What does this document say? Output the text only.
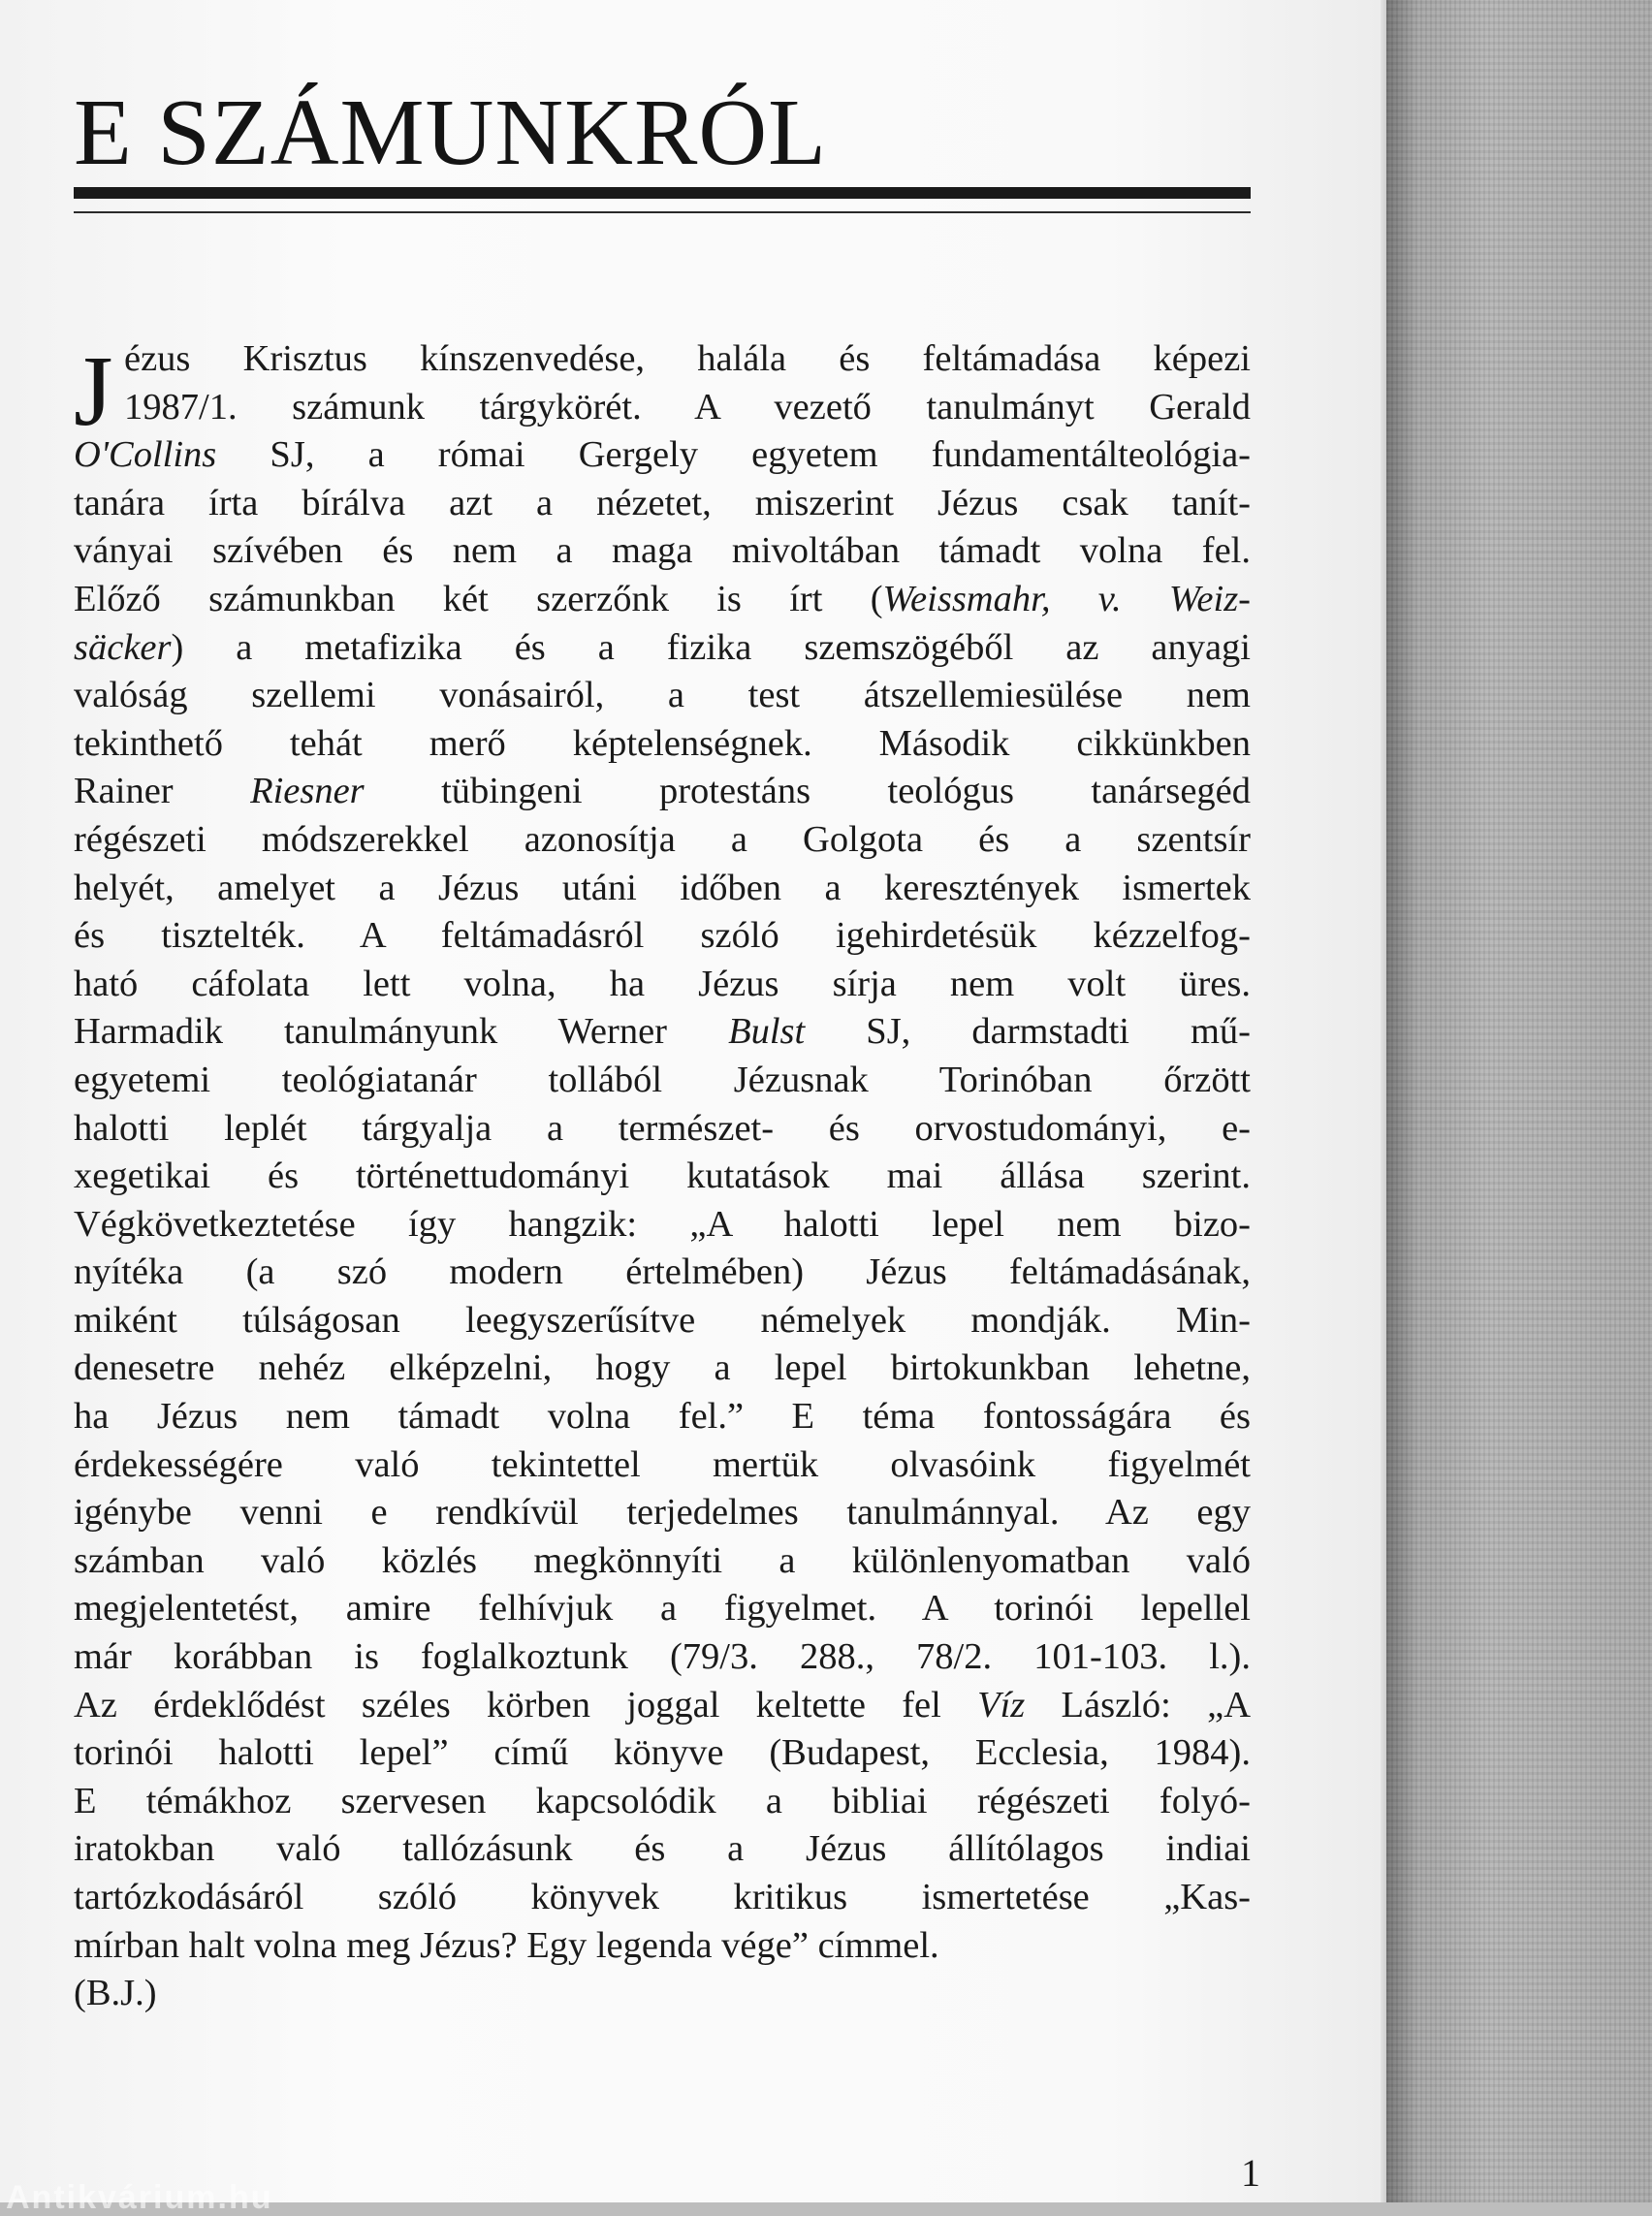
E SZÁMUNKRÓL
J ézus Krisztus kínszenvedése, halála és feltámadása képezi
1987/1. számunk tárgykörét. A vezető tanulmányt Gerald
O'Collins SJ, a római Gergely egyetem fundamentálteológia-
tanára írta bírálva azt a nézetet, miszerint Jézus csak tanít-
ványai szívében és nem a maga mivoltában támadt volna fel.
Előző számunkban két szerzőnk is írt (Weissmahr, v. Weiz-
säcker) a metafizika és a fizika szemszögéből az anyagi
valóság szellemi vonásairól, a test átszellemiesülése nem
tekinthető tehát merő képtelenségnek. Második cikkünkben
Rainer Riesner tübingeni protestáns teológus tanársegéd
régészeti módszerekkel azonosítja a Golgota és a szentsír
helyét, amelyet a Jézus utáni időben a keresztények ismertek
és tisztelték. A feltámadásról szóló igehirdetésük kézzelfog-
ható cáfolata lett volna, ha Jézus sírja nem volt üres.
Harmadik tanulmányunk Werner Bulst SJ, darmstadti mű-
egyetemi teológiatanár tollából Jézusnak Torinóban őrzött
halotti leplét tárgyalja a természet- és orvostudományi, e-
xegetikai és történettudományi kutatások mai állása szerint.
Végkövetkeztetése így hangzik: „A halotti lepel nem bizo-
nyítéka (a szó modern értelmében) Jézus feltámadásának,
miként túlságosan leegyszerűsítve némelyek mondják. Min-
denesetre nehéz elképzelni, hogy a lepel birtokunkban lehetne,
ha Jézus nem támadt volna fel.” E téma fontosságára és
érdekességére való tekintettel mertük olvasóink figyelmét
igénybe venni e rendkívül terjedelmes tanulmánnyal. Az egy
számban való közlés megkönnyíti a különlenyomatban való
megjelentetést, amire felhívjuk a figyelmet. A torinói lepellel
már korábban is foglalkoztunk (79/3. 288., 78/2. 101-103. l.).
Az érdeklődést széles körben joggal keltette fel Víz László: „A
torinói halotti lepel” című könyve (Budapest, Ecclesia, 1984).
E témákhoz szervesen kapcsolódik a bibliai régészeti folyó-
iratokban való tallózásunk és a Jézus állítólagos indiai
tartózkodásáról szóló könyvek kritikus ismertetése „Kas-
mírban halt volna meg Jézus? Egy legenda vége” címmel.
(B.J.)
1
Antikvárium.hu
